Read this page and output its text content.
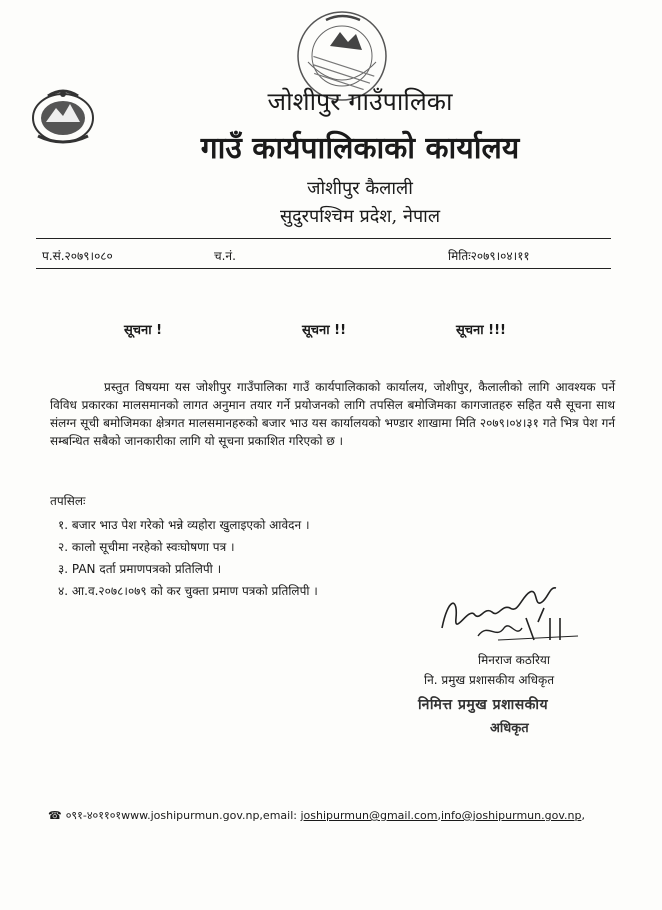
जोशीपुर गाउँपालिका
गाउँ कार्यपालिकाको कार्यालय
जोशीपुर कैलाली
सुदुरपश्चिम प्रदेश, नेपाल
प.सं.२०७९।०८०	च.नं.	मितिः२०७९।०४।११
सूचना !	सूचना !!	सूचना !!!

प्रस्तुत विषयमा यस जोशीपुर गाउँपालिका गाउँ कार्यपालिकाको कार्यालय, जोशीपुर, कैलालीको लागि आवश्यक पर्ने विविध प्रकारका मालसमानको लागत अनुमान तयार गर्ने प्रयोजनको लागि तपसिल बमोजिमका कागजातहरु सहित यसै सूचना साथ संलग्न सूची बमोजिमका क्षेत्रगत मालसमानहरुको बजार भाउ यस कार्यालयको भण्डार शाखामा मिति २०७९।०४।३१ गते भित्र पेश गर्न सम्बन्धित सबैको जानकारीका लागि यो सूचना प्रकाशित गरिएको छ ।

तपसिलः
१. बजार भाउ पेश गरेको भन्ने व्यहोरा खुलाइएको आवेदन ।
२. कालो सूचीमा नरहेको स्वःघोषणा पत्र ।
३. PAN दर्ता प्रमाणपत्रको प्रतिलिपी ।
४. आ.व.२०७८।०७९ को कर चुक्ता प्रमाण पत्रको प्रतिलिपी ।
मिनराज कठरिया
नि. प्रमुख प्रशासकीय अधिकृत
निमित्त प्रमुख प्रशासकीय
अधिकृत
☎ ०९१-४०११०१www.joshipurmun.gov.np,email: joshipurmun@gmail.com,info@joshipurmun.gov.np,
